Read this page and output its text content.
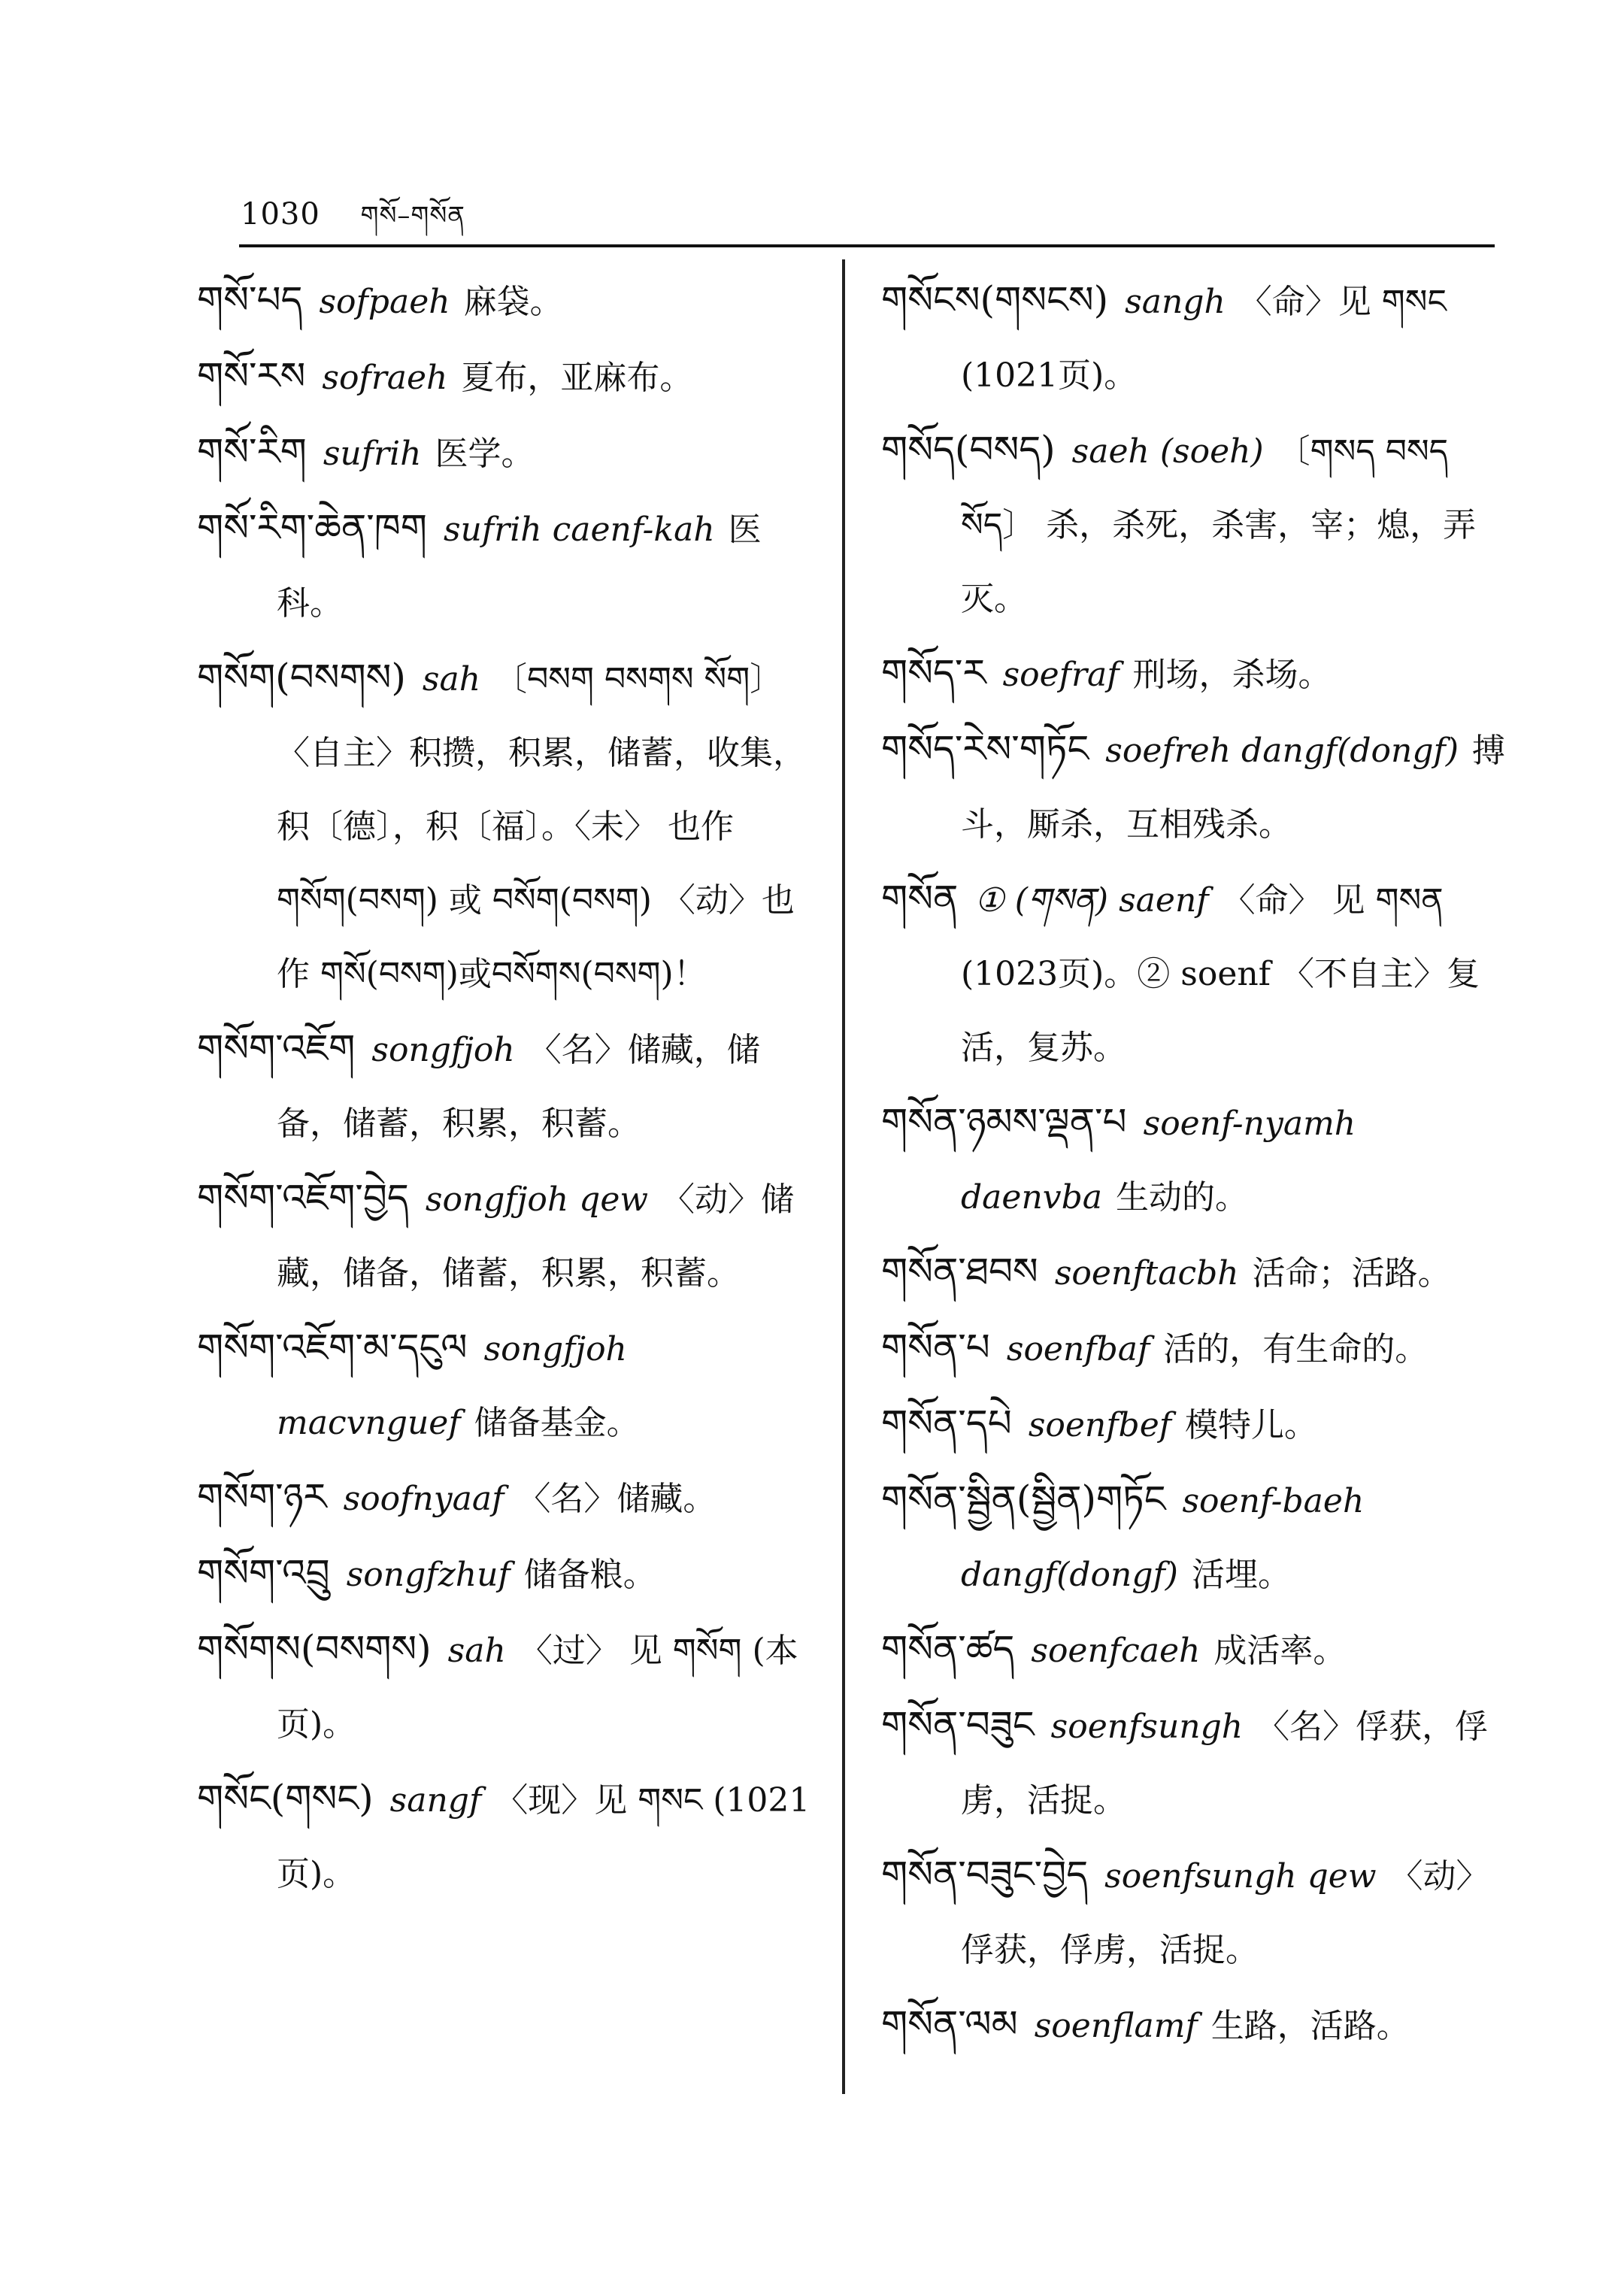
1030 གསོ–གསོན
གསོ་པད sofpaeh 麻袋。
གསོ་རས sofraeh 夏布，亚麻布。
གསོ་རིག sufrih 医学。
གསོ་རིག་ཆེན་ཁག sufrih caenf-kah 医科。
གསོག(བསགས) sah 〔བསག བསགས སོག〕 〈自主〉积攒，积累，储蓄，收集，积〔德〕，积〔福〕。〈未〉 也作 གསོག(བསག) 或 བསོག(བསག) 〈动〉也作 གསོ(བསག)或བསོགས(བསག)！
གསོག་འཇོག songfjoh 〈名〉储藏，储备，储蓄，积累，积蓄。
གསོག་འཇོག་བྱེད songfjoh qew 〈动〉储藏，储备，储蓄，积累，积蓄。
གསོག་འཇོག་མ་དངུལ songfjoh macvnguef 储备基金。
གསོག་ཉར soofnyaaf 〈名〉储藏。
གསོག་འབྲུ songfzhuf 储备粮。
གསོགས(བསགས) sah 〈过〉 见 གསོག (本页)。
གསོང(གསང) sangf 〈现〉见 གསང (1021页)。
གསོངས(གསངས) sangh 〈命〉见 གསང (1021页)。
གསོད(བསད) saeh (soeh) 〔གསད བསད སོད〕 杀，杀死，杀害，宰；熄，弄灭。
གསོད་ར soefraf 刑场，杀场。
གསོད་རེས་གཏོང soefreh dangf(dongf) 搏斗，厮杀，互相残杀。
གསོན ① (གསན) saenf 〈命〉 见 གསན (1023页)。② soenf 〈不自主〉复活，复苏。
གསོན་ཉམས་ལྡན་པ soenf-nyamh daenvba 生动的。
གསོན་ཐབས soenftacbh 活命；活路。
གསོན་པ soenfbaf 活的，有生命的。
གསོན་དཔེ soenfbef 模特儿。
གསོན་སྦྱིན(སྦྱིན)གཏོང soenf-baeh dangf(dongf) 活埋。
གསོན་ཚད soenfcaeh 成活率。
གསོན་བཟུང soenfsungh 〈名〉俘获，俘虏，活捉。
གསོན་བཟུང་བྱེད soenfsungh qew 〈动〉俘获，俘虏，活捉。
གསོན་ལམ soenflamf 生路，活路。
